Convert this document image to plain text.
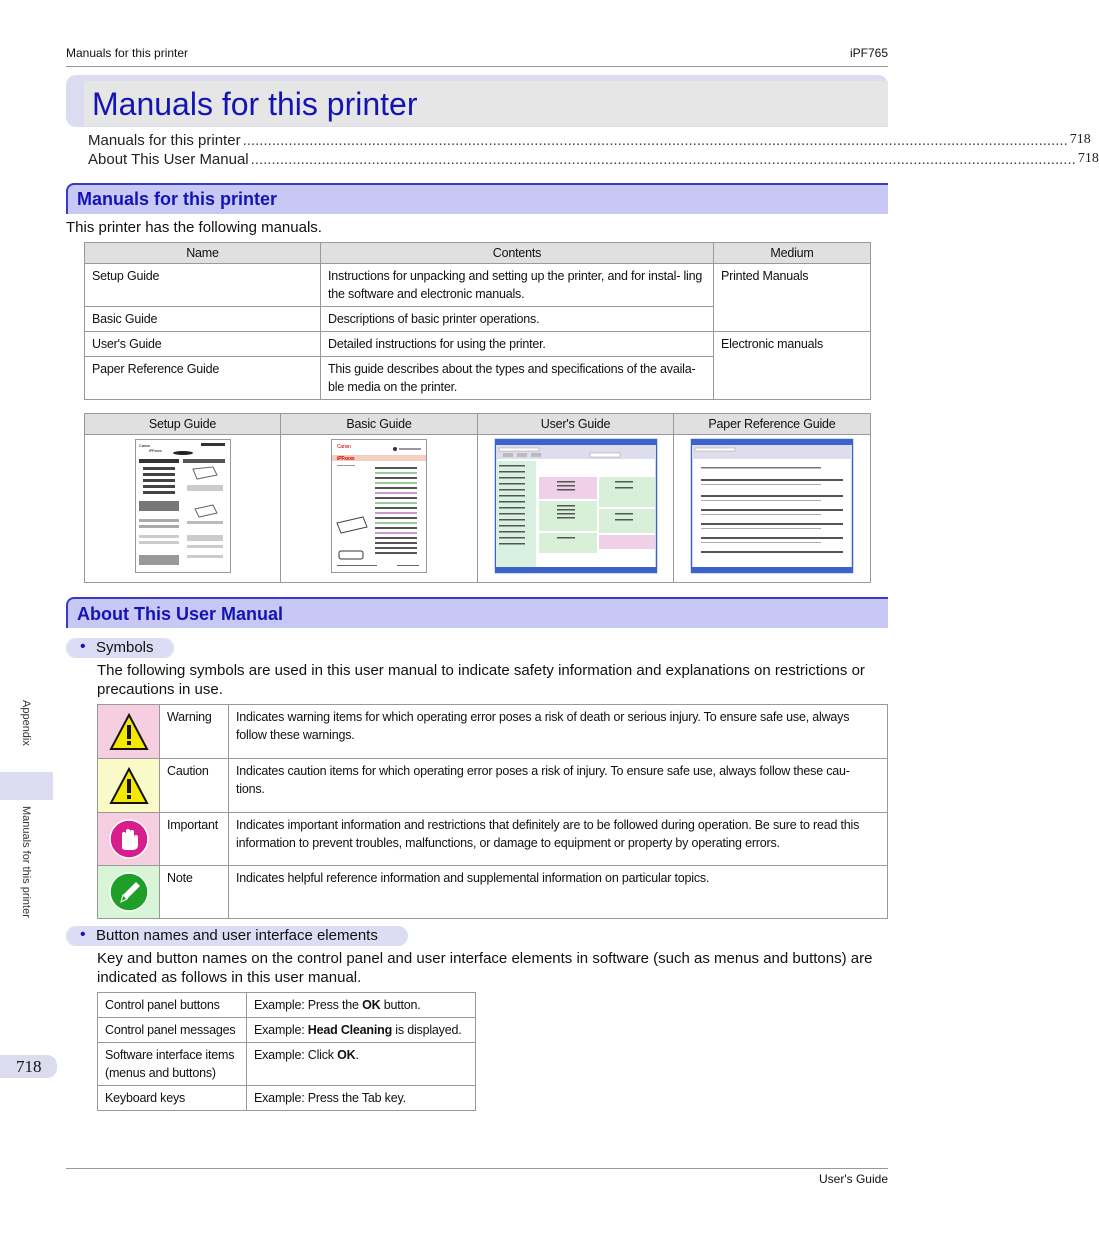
Manuals for this printer	iPF765
Manuals for this printer
Manuals for this printer ...................................................................................................................................................................................................... 718
About This User Manual ...................................................................................................................................................................................................... 718
Manuals for this printer
This printer has the following manuals.
Name	Contents	Medium
Setup Guide	Instructions for unpacking and setting up the printer, and for instal- ling the software and electronic manuals.	Printed Manuals
Basic Guide	Descriptions of basic printer operations.	
User's Guide	Detailed instructions for using the printer.	Electronic manuals
Paper Reference Guide	This guide describes about the types and specifications of the availa- ble media on the printer.	
Setup Guide	Basic Guide	User's Guide	Paper Reference Guide

Canon
iPFxxxx	Canon
iPFxxxx

About This User Manual
• Symbols
The following symbols are used in this user manual to indicate safety information and explanations on restrictions or precautions in use.
	Warning	Indicates warning items for which operating error poses a risk of death or serious injury. To ensure safe use, always follow these warnings.

	Caution	Indicates caution items for which operating error poses a risk of injury. To ensure safe use, always follow these cau- tions.

	Important	Indicates important information and restrictions that definitely are to be followed during operation. Be sure to read this information to prevent troubles, malfunctions, or damage to equipment or property by operating errors.

	Note	Indicates helpful reference information and supplemental information on particular topics.
• Button names and user interface elements
Key and button names on the control panel and user interface elements in software (such as menus and buttons) are indicated as follows in this user manual.
Control panel buttons	Example: Press the OK button.
Control panel messages	Example: Head Cleaning is displayed.
Software interface items (menus and buttons)	Example: Click OK.
Keyboard keys	Example: Press the Tab key.
Appendix
Manuals for this printer
718
User's Guide
